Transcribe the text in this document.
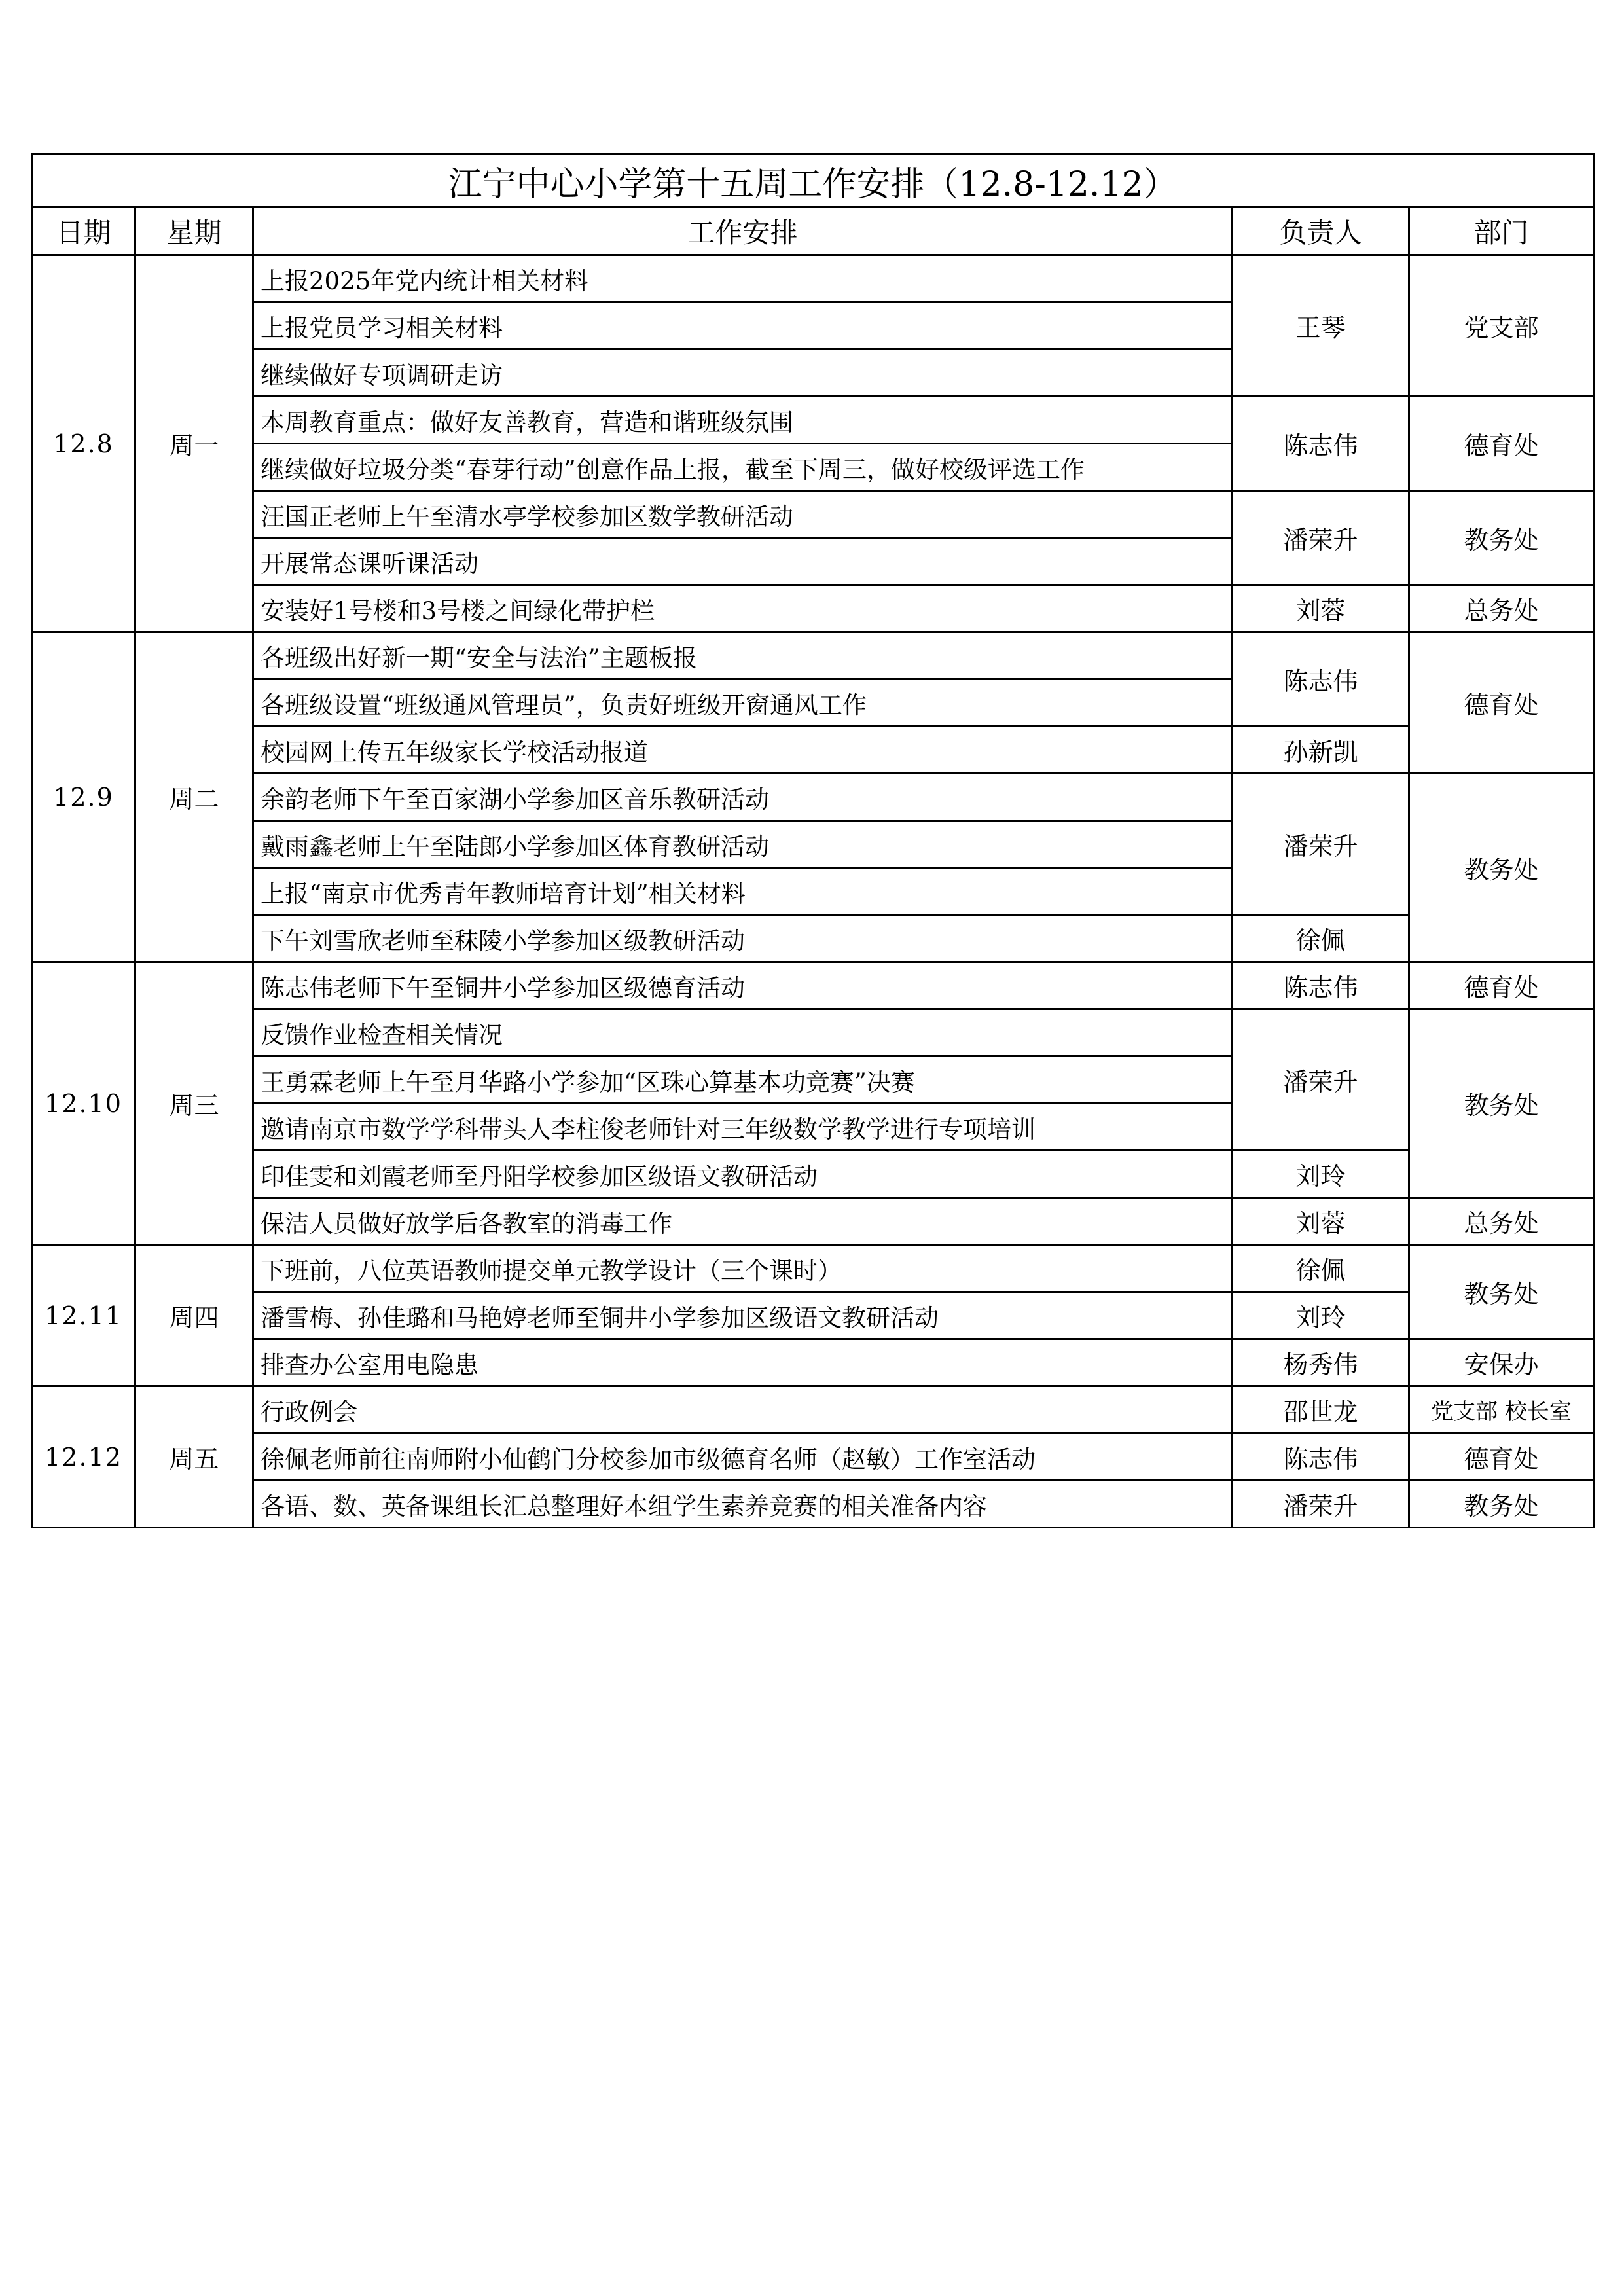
江宁中心小学第十五周工作安排（12.8-12.12）				
日期	星期	工作安排	负责人	部门
12.8	周一	上报2025年党内统计相关材料	王琴	党支部
		上报党员学习相关材料		
		继续做好专项调研走访		
		本周教育重点：做好友善教育，营造和谐班级氛围	陈志伟	德育处
		继续做好垃圾分类“春芽行动”创意作品上报，截至下周三，做好校级评选工作		
		汪国正老师上午至清水亭学校参加区数学教研活动	潘荣升	教务处
		开展常态课听课活动		
		安装好1号楼和3号楼之间绿化带护栏	刘蓉	总务处
12.9	周二	各班级出好新一期“安全与法治”主题板报	陈志伟	德育处
		各班级设置“班级通风管理员”，负责好班级开窗通风工作		
		校园网上传五年级家长学校活动报道	孙新凯	
		余韵老师下午至百家湖小学参加区音乐教研活动	潘荣升	教务处
		戴雨鑫老师上午至陆郎小学参加区体育教研活动		
		上报“南京市优秀青年教师培育计划”相关材料		
		下午刘雪欣老师至秣陵小学参加区级教研活动	徐佩	
12.10	周三	陈志伟老师下午至铜井小学参加区级德育活动	陈志伟	德育处
		反馈作业检查相关情况	潘荣升	教务处
		王勇霖老师上午至月华路小学参加“区珠心算基本功竞赛”决赛		
		邀请南京市数学学科带头人李柱俊老师针对三年级数学教学进行专项培训		
		印佳雯和刘霞老师至丹阳学校参加区级语文教研活动	刘玲	
		保洁人员做好放学后各教室的消毒工作	刘蓉	总务处
12.11	周四	下班前，八位英语教师提交单元教学设计（三个课时）	徐佩	教务处
		潘雪梅、孙佳璐和马艳婷老师至铜井小学参加区级语文教研活动	刘玲	
		排查办公室用电隐患	杨秀伟	安保办
12.12	周五	行政例会	邵世龙	党支部 校长室
		徐佩老师前往南师附小仙鹤门分校参加市级德育名师（赵敏）工作室活动	陈志伟	德育处
		各语、数、英备课组长汇总整理好本组学生素养竞赛的相关准备内容	潘荣升	教务处
